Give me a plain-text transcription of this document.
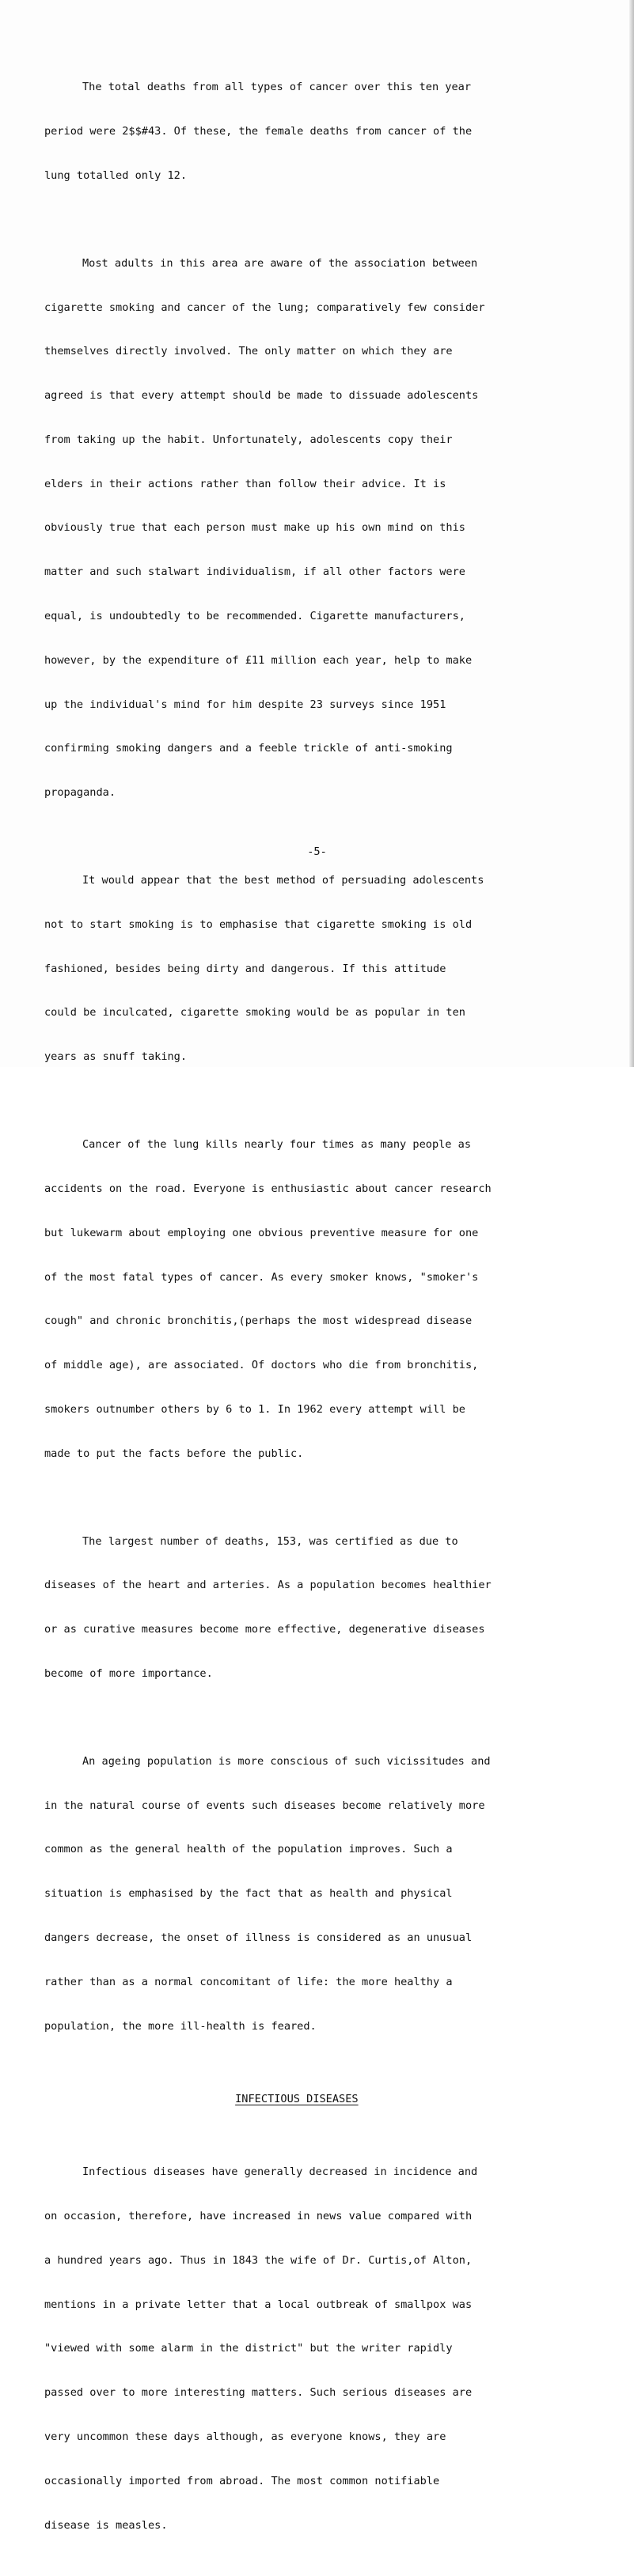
The total deaths from all types of cancer over this ten year

period were 2$$#43. Of these, the female deaths from cancer of the

lung totalled only 12.

Most adults in this area are aware of the association between

cigarette smoking and cancer of the lung; comparatively few consider

themselves directly involved. The only matter on which they are

agreed is that every attempt should be made to dissuade adolescents

from taking up the habit. Unfortunately, adolescents copy their

elders in their actions rather than follow their advice. It is

obviously true that each person must make up his own mind on this

matter and such stalwart individualism, if all other factors were

equal, is undoubtedly to be recommended. Cigarette manufacturers,

however, by the expenditure of £11 million each year, help to make

up the individual's mind for him despite 23 surveys since 1951

confirming smoking dangers and a feeble trickle of anti-smoking

propaganda.

It would appear that the best method of persuading adolescents

not to start smoking is to emphasise that cigarette smoking is old

fashioned, besides being dirty and dangerous. If this attitude

could be inculcated, cigarette smoking would be as popular in ten

years as snuff taking.

Cancer of the lung kills nearly four times as many people as

accidents on the road. Everyone is enthusiastic about cancer research

but lukewarm about employing one obvious preventive measure for one

of the most fatal types of cancer. As every smoker knows, "smoker's

cough" and chronic bronchitis,(perhaps the most widespread disease

of middle age), are associated. Of doctors who die from bronchitis,

smokers outnumber others by 6 to 1. In 1962 every attempt will be

made to put the facts before the public.

The largest number of deaths, 153, was certified as due to

diseases of the heart and arteries. As a population becomes healthier

or as curative measures become more effective, degenerative diseases

become of more importance.

An ageing population is more conscious of such vicissitudes and

in the natural course of events such diseases become relatively more

common as the general health of the population improves. Such a

situation is emphasised by the fact that as health and physical

dangers decrease, the onset of illness is considered as an unusual

rather than as a normal concomitant of life: the more healthy a

population, the more ill-health is feared.

INFECTIOUS DISEASES

Infectious diseases have generally decreased in incidence and

on occasion, therefore, have increased in news value compared with

a hundred years ago. Thus in 1843 the wife of Dr. Curtis,of Alton,

mentions in a private letter that a local outbreak of smallpox was

"viewed with some alarm in the district" but the writer rapidly

passed over to more interesting matters. Such serious diseases are

very uncommon these days although, as everyone knows, they are

occasionally imported from abroad. The most common notifiable

disease is measles.

-5-
